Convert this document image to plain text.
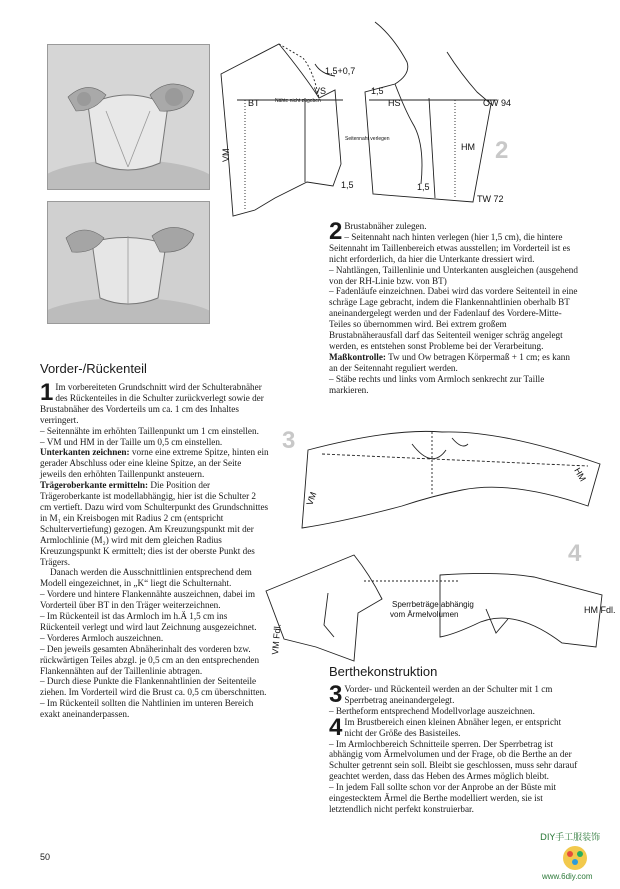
BT
VS
1,5+0,7
VM
Nähte nicht zugeben	HS	OW 94
HM
TW 72
Seitennaht verlegen
1,5
1,5	1,5
2
3
VM
HM
4
VM Fdl.
HM Fdl.
Sperrbeträge abhängig
vom Ärmelvolumen
Vorder-/Rückenteil

1 Im vorbereiteten Grundschnitt wird der Schulterabnäher des Rückenteiles in die Schulter zurückverlegt sowie der Brustabnäher des Vorderteils um ca. 1 cm des Inhaltes verringert.

– Seitennähte im erhöhten Taillenpunkt um 1 cm einstellen.

– VM und HM in der Taille um 0,5 cm einstellen.

Unterkanten zeichnen: vorne eine extreme Spitze, hinten ein gerader Abschluss oder eine kleine Spitze, an der Seite jeweils den erhöhten Taillenpunkt ansteuern.

Trägeroberkante ermitteln: Die Position der Trägeroberkante ist modellabhängig, hier ist die Schulter 2 cm vertieft. Dazu wird vom Schulterpunkt des Grundschnittes in M₁ ein Kreisbogen mit Radius 2 cm (entspricht Schultervertiefung) gezogen. Am Kreuzungspunkt mit der Armlochlinie (M₂) wird mit dem gleichen Radius Kreuzungspunkt K ermittelt; dies ist der oberste Punkt des Trägers.

Danach werden die Ausschnittlinien entsprechend dem Modell eingezeichnet, in „K“ liegt die Schulternaht.

– Vordere und hintere Flankennähte auszeichnen, dabei im Vorderteil über BT in den Träger weiterzeichnen.

– Im Rückenteil ist das Armloch im h.Ä 1,5 cm ins Rückenteil verlegt und wird laut Zeichnung ausgezeichnet.

– Vorderes Armloch auszeichnen.

– Den jeweils gesamten Abnäherinhalt des vorderen bzw. rückwärtigen Teiles abzgl. je 0,5 cm an den entsprechenden Flankennähten auf der Taillenlinie abtragen.

– Durch diese Punkte die Flankennahtlinien der Seitenteile ziehen. Im Vorderteil wird die Brust ca. 0,5 cm überschnitten.

– Im Rückenteil sollten die Nahtlinien im unteren Bereich exakt aneinanderpassen.

2 Brustabnäher zulegen.

– Seitennaht nach hinten verlegen (hier 1,5 cm), die hintere Seitennaht im Taillenbereich etwas ausstellen; im Vorderteil ist es nicht erforderlich, da hier die Unterkante dressiert wird.

– Nahtlängen, Taillenlinie und Unterkanten ausgleichen (ausgehend von der RH-Linie bzw. von BT)

– Fadenläufe einzeichnen. Dabei wird das vordere Seitenteil in eine schräge Lage gebracht, indem die Flankennahtlinien oberhalb BT aneinandergelegt werden und der Fadenlauf des Vordere-Mitte-Teiles so übernommen wird. Bei extrem großem Brustabnäherausfall darf das Seitenteil weniger schräg angelegt werden, es entstehen sonst Probleme bei der Verarbeitung.

Maßkontrolle: Tw und Ow betragen Körpermaß + 1 cm; es kann an der Seitennaht reguliert werden.

– Stäbe rechts und links vom Armloch senkrecht zur Taille markieren.

Berthekonstruktion

3 Vorder- und Rückenteil werden an der Schulter mit 1 cm Sperrbetrag aneinandergelegt.

– Bertheform entsprechend Modellvorlage auszeichnen.

4 Im Brustbereich einen kleinen Abnäher legen, er entspricht nicht der Größe des Basisteiles.

– Im Armlochbereich Schnitteile sperren. Der Sperrbetrag ist abhängig vom Ärmelvolumen und der Frage, ob die Berthe an der Schulter getrennt sein soll. Bleibt sie geschlossen, muss sehr darauf geachtet werden, dass das Heben des Armes möglich bleibt.

– In jedem Fall sollte schon vor der Anprobe an der Büste mit eingestecktem Ärmel die Berthe modelliert werden, sie ist letztendlich nicht perfekt konstruierbar.

50
DIY手工服装饰
www.6diy.com
